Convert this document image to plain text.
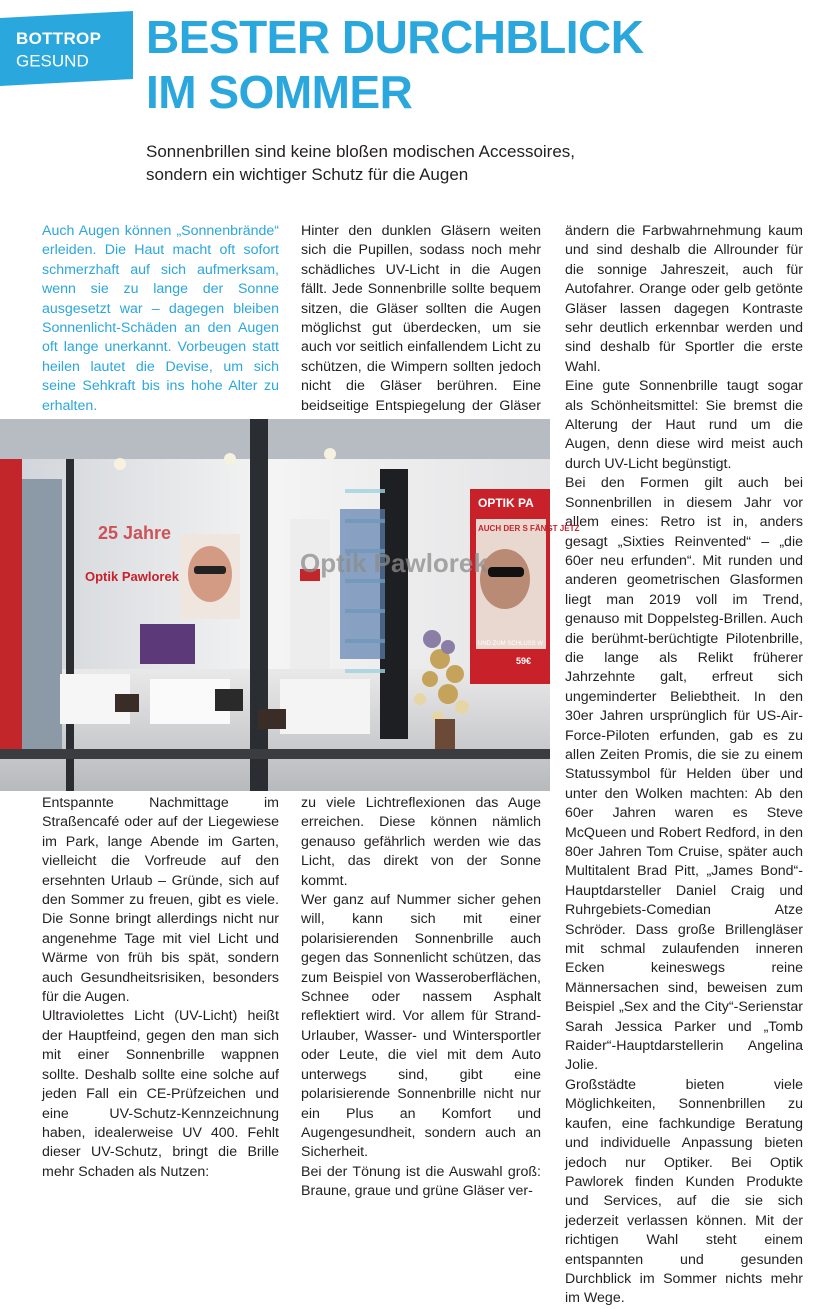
BOTTROP
GESUND BESTER DURCHBLICK
IM SOMMER
Sonnenbrillen sind keine bloßen modischen Accessoires,
sondern ein wichtiger Schutz für die Augen

Auch Augen können „Sonnenbrände“ erleiden. Die Haut macht oft sofort schmerzhaft auf sich aufmerksam, wenn sie zu lange der Sonne ausgesetzt war – dagegen bleiben Sonnenlicht-Schäden an den Augen oft lange unerkannt. Vorbeugen statt heilen lautet die Devise, um sich seine Sehkraft bis ins hohe Alter zu erhalten.

Hinter den dunklen Gläsern weiten sich die Pupillen, sodass noch mehr schädliches UV-Licht in die Augen fällt. Jede Sonnenbrille sollte bequem sitzen, die Gläser sollten die Augen möglichst gut überdecken, um sie auch vor seitlich einfallendem Licht zu schützen, die Wimpern sollten jedoch nicht die Gläser berühren. Eine beidseitige Entspiegelung der Gläser

ändern die Farbwahrnehmung kaum und sind deshalb die Allrounder für die sonnige Jahreszeit, auch für Autofahrer. Orange oder gelb getönte Gläser lassen dagegen Kontraste sehr deutlich erkennbar werden und sind deshalb für Sportler die erste Wahl.

Eine gute Sonnenbrille taugt sogar als Schönheitsmittel: Sie bremst die Alterung der Haut rund um die Augen, denn diese wird meist auch durch UV-Licht begünstigt.

Bei den Formen gilt auch bei Sonnenbrillen in diesem Jahr vor allem eines: Retro ist in, anders gesagt „Sixties Reinvented“ – „die 60er neu erfunden“. Mit runden und anderen geometrischen Glasformen liegt man 2019 voll im Trend, genauso mit Doppelsteg-Brillen. Auch die berühmt-berüchtigte Pilotenbrille, die lange als Relikt früherer Jahrzehnte galt, erfreut sich ungeminderter Beliebtheit. In den 30er Jahren ursprünglich für US-Air-Force-Piloten erfunden, gab es zu allen Zeiten Promis, die sie zu einem Statussymbol für Helden über und unter den Wolken machten: Ab den 60er Jahren waren es Steve McQueen und Robert Redford, in den 80er Jahren Tom Cruise, später auch Multitalent Brad Pitt, „James Bond“-Hauptdarsteller Daniel Craig und Ruhrgebiets-Comedian Atze Schröder. Dass große Brillengläser mit schmal zulaufenden inneren Ecken keineswegs reine Männersachen sind, beweisen zum Beispiel „Sex and the City“-Serienstar Sarah Jessica Parker und „Tomb Raider“-Hauptdarstellerin Angelina Jolie.

Großstädte bieten viele Möglichkeiten, Sonnenbrillen zu kaufen, eine fachkundige Beratung und individuelle Anpassung bieten jedoch nur Optiker. Bei Optik Pawlorek finden Kunden Produkte und Services, auf die sie sich jederzeit verlassen können. Mit der richtigen Wahl steht einem entspannten und gesunden Durchblick im Sommer nichts mehr im Wege.

25 Jahre
Optik Pawlorek	Optik Pawlorek
OPTIK PA
AUCH DER S FÄNGT JETZ
UND ZUM SCHLUSS W
59€

Entspannte Nachmittage im Straßencafé oder auf der Liegewiese im Park, lange Abende im Garten, vielleicht die Vorfreude auf den ersehnten Urlaub – Gründe, sich auf den Sommer zu freuen, gibt es viele. Die Sonne bringt allerdings nicht nur angenehme Tage mit viel Licht und Wärme von früh bis spät, sondern auch Gesundheitsrisiken, besonders für die Augen.

Ultraviolettes Licht (UV-Licht) heißt der Hauptfeind, gegen den man sich mit einer Sonnenbrille wappnen sollte. Deshalb sollte eine solche auf jeden Fall ein CE-Prüfzeichen und eine UV-Schutz-Kennzeichnung haben, idealerweise UV 400. Fehlt dieser UV-Schutz, bringt die Brille mehr Schaden als Nutzen:

zu viele Lichtreflexionen das Auge erreichen. Diese können nämlich genauso gefährlich werden wie das Licht, das direkt von der Sonne kommt.

Wer ganz auf Nummer sicher gehen will, kann sich mit einer polarisierenden Sonnenbrille auch gegen das Sonnenlicht schützen, das zum Beispiel von Wasseroberflächen, Schnee oder nassem Asphalt reflektiert wird. Vor allem für Strand-Urlauber, Wasser- und Wintersportler oder Leute, die viel mit dem Auto unterwegs sind, gibt eine polarisierende Sonnenbrille nicht nur ein Plus an Komfort und Augengesundheit, sondern auch an Sicherheit.

Bei der Tönung ist die Auswahl groß: Braune, graue und grüne Gläser ver-
